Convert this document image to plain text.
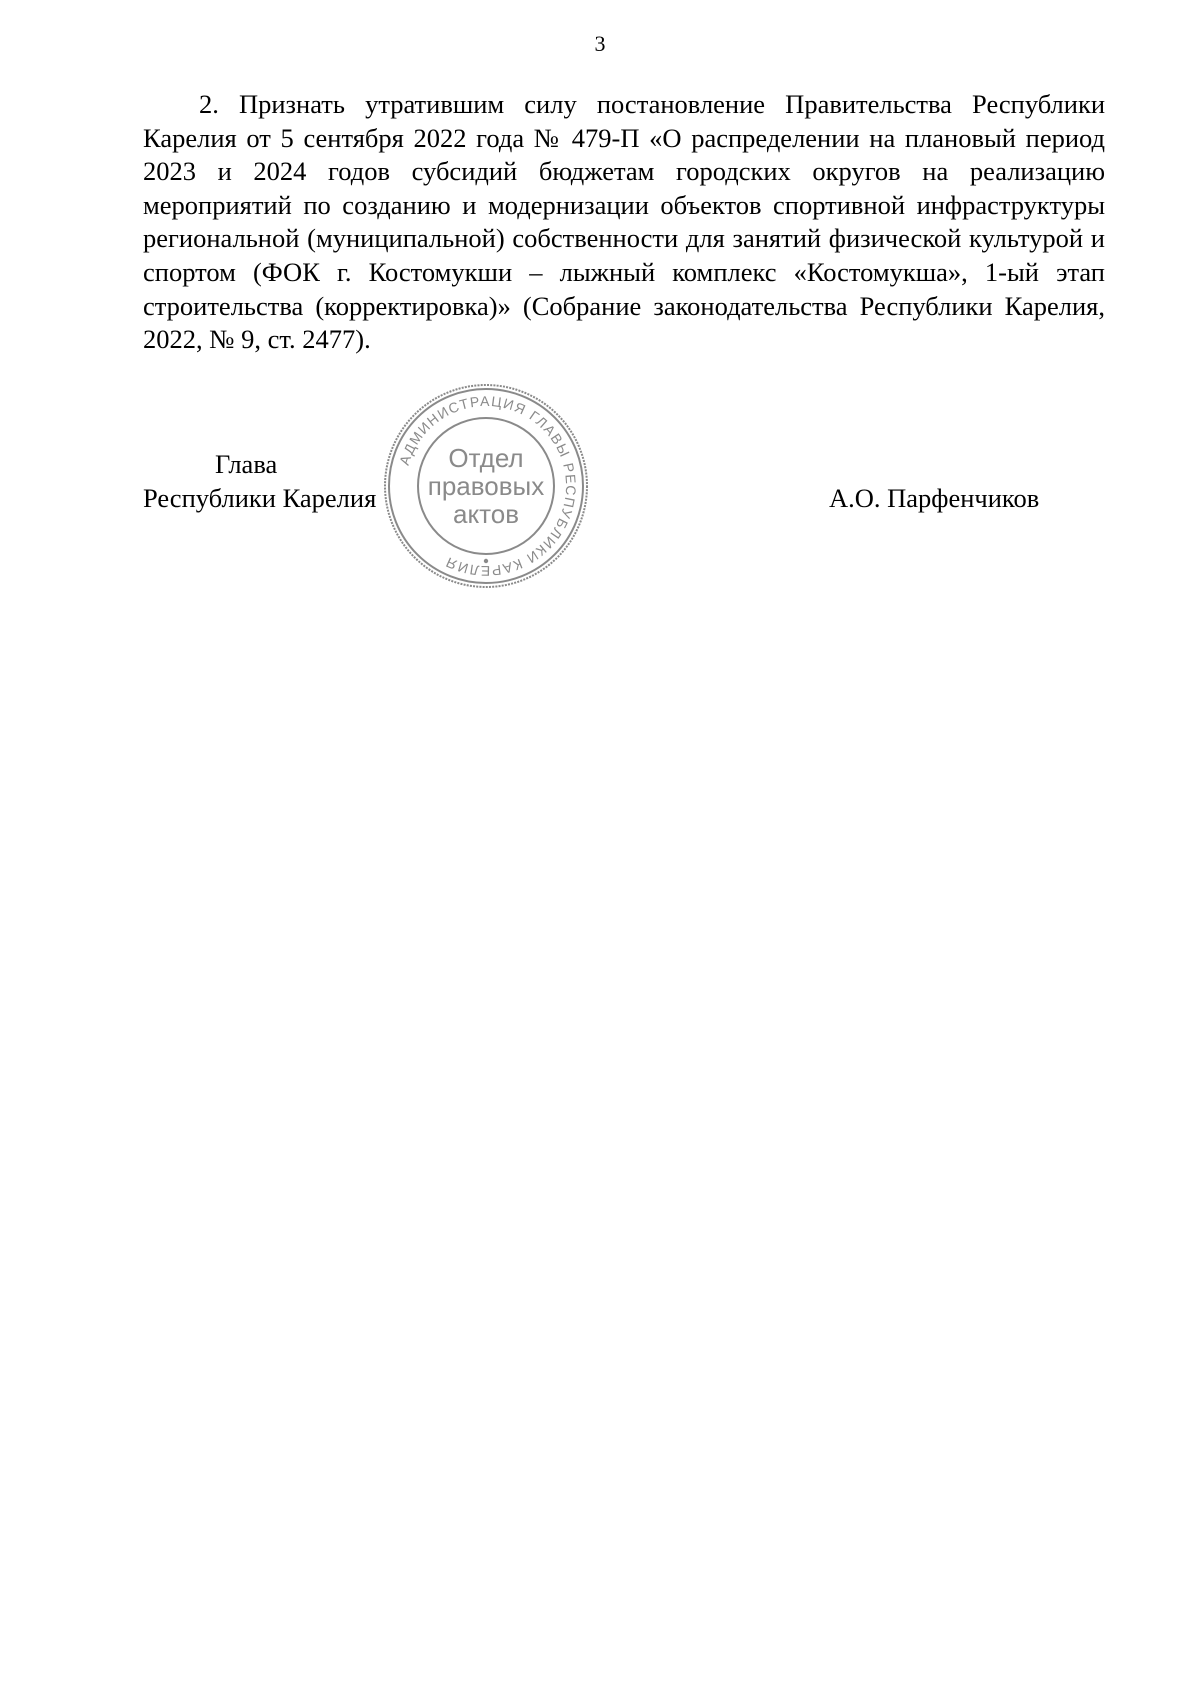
3

2. Признать утратившим силу постановление Правительства Республики Карелия от 5 сентября 2022 года № 479-П «О распределении на плановый период 2023 и 2024 годов субсидий бюджетам городских округов на реализацию мероприятий по созданию и модернизации объектов спортивной инфраструктуры региональной (муниципальной) собственности для занятий физической культурой и спортом (ФОК г. Костомукши – лыжный комплекс «Костомукша», 1-ый этап строительства (корректировка)» (Собрание законодательства Республики Карелия, 2022, № 9, ст. 2477).

Глава
Республики Карелия	А.О. Парфенчиков
АДМИНИСТРАЦИЯ ГЛАВЫ РЕСПУБЛИКИ КАРЕЛИЯ
Отдел
правовых
актов
